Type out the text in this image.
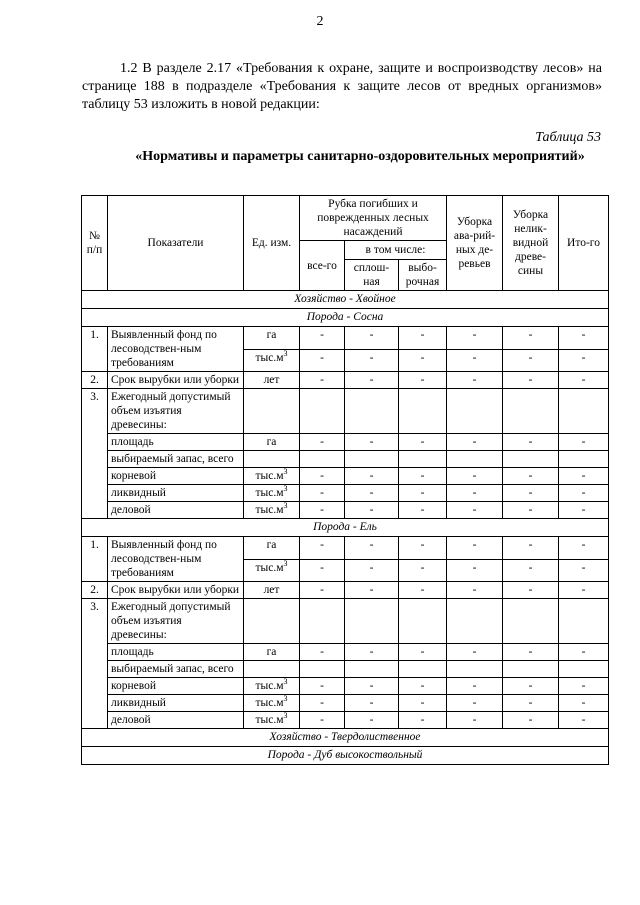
2
1.2 В разделе 2.17 «Требования к охране, защите и воспроизводству лесов» на странице 188 в подразделе «Требования к защите лесов от вредных организмов» таблицу 53 изложить в новой редакции:
Таблица 53
«Нормативы и параметры санитарно-оздоровительных мероприятий»
№ п/п	Показатели	Ед. изм.	Рубка погибших и поврежденных лесных насаждений			Уборка ава-рий-ных де-ревьев	Уборка нелик-видной древе-сины	Ито-го
			все-го	в том числе:				
				сплош-ная	выбо-рочная			
Хозяйство - Хвойное								
Порода - Сосна								
1.	Выявленный фонд по лесоводствен-ным требованиям	га	-	-	-	-	-	-
		$тыс.м^3$	-	-	-	-	-	-
2.	Срок вырубки или уборки	лет	-	-	-	-	-	-
3.	Ежегодный допустимый объем изъятия древесины:							
	площадь	га	-	-	-	-	-	-
	выбираемый запас, всего							
	корневой	$тыс.м^3$	-	-	-	-	-	-
	ликвидный	$тыс.м^3$	-	-	-	-	-	-
	деловой	$тыс.м^3$	-	-	-	-	-	-
Порода - Ель								
1.	Выявленный фонд по лесоводствен-ным требованиям	га	-	-	-	-	-	-
		$тыс.м^3$	-	-	-	-	-	-
2.	Срок вырубки или уборки	лет	-	-	-	-	-	-
3.	Ежегодный допустимый объем изъятия древесины:							
	площадь	га	-	-	-	-	-	-
	выбираемый запас, всего							
	корневой	$тыс.м^3$	-	-	-	-	-	-
	ликвидный	$тыс.м^3$	-	-	-	-	-	-
	деловой	$тыс.м^3$	-	-	-	-	-	-
Хозяйство - Твердолиственное								
Порода - Дуб высокоствольный								
